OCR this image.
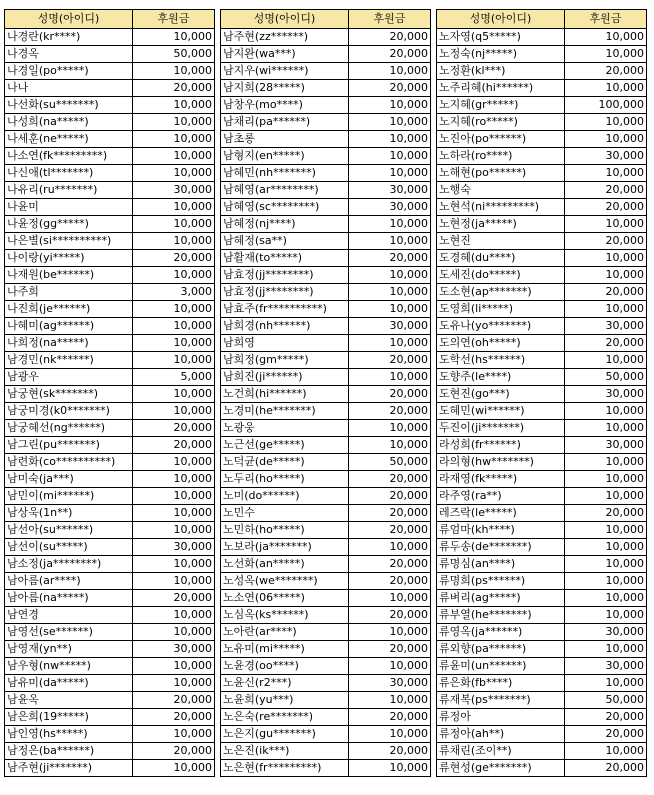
성명(아이디)	후원금
나경란(kr****)	10,000
나경옥	50,000
나경일(po*****)	10,000
나나	20,000
나선화(su*******)	10,000
나성희(na*****)	10,000
나세훈(ne*****)	10,000
나소연(fk*********)	10,000
나신애(tl*******)	10,000
나유리(ru*******)	30,000
나윤미	10,000
나윤정(gg*****)	10,000
나은별(si**********)	10,000
나이랑(yi*****)	20,000
나재원(be******)	10,000
나주희	3,000
나진희(je******)	10,000
나혜미(ag******)	10,000
나희정(na*****)	10,000
남경민(nk******)	10,000
남광우	5,000
남궁현(sk*******)	10,000
남궁미경(k0*******)	10,000
남궁혜선(ng******)	20,000
남그린(pu*******)	20,000
남련화(co**********)	10,000
남미숙(ja***)	10,000
남민이(mi******)	10,000
남상욱(1n**)	10,000
남선아(su******)	10,000
남선이(su*****)	30,000
남소정(ja********)	10,000
남아름(ar****)	10,000
남아름(na*****)	20,000
남연경	10,000
남영선(se******)	10,000
남영재(yn**)	30,000
남우형(nw*****)	10,000
남유미(da*****)	10,000
남윤옥	20,000
남은희(19*****)	20,000
남인영(hs*****)	10,000
남정은(ba******)	20,000
남주현(ji*******)	10,000
성명(아이디)	후원금
남주현(zz******)	20,000
남지완(wa***)	20,000
남지우(wi******)	10,000
남지희(28*****)	20,000
남창우(mo****)	10,000
남채리(pa******)	10,000
남초롱	10,000
남형지(en*****)	10,000
남혜민(nh*******)	10,000
남혜영(ar********)	30,000
남혜영(sc********)	30,000
남혜정(nj****)	10,000
남혜정(sa**)	10,000
남활재(to*****)	20,000
남효정(jj********)	10,000
남효정(jj********)	10,000
남효주(fr**********)	10,000
남희경(nh******)	30,000
남희영	10,000
남희정(gm*****)	20,000
남희진(ji******)	10,000
노건희(hi******)	20,000
노경미(he*******)	20,000
노광웅	10,000
노근선(ge*****)	10,000
노덕균(de*****)	50,000
노두리(ho*****)	20,000
노미(do******)	20,000
노민수	20,000
노민하(ho*****)	20,000
노보라(ja*******)	10,000
노선화(an*****)	20,000
노성옥(we*******)	20,000
노소연(06*****)	10,000
노심옥(ks******)	20,000
노아란(ar****)	10,000
노유미(mi*****)	20,000
노윤경(oo****)	10,000
노윤신(r2***)	30,000
노윤희(yu***)	10,000
노은숙(re*******)	20,000
노은지(gu*******)	10,000
노은진(ik***)	20,000
노은현(fr*********)	10,000
성명(아이디)	후원금
노자영(q5*****)	10,000
노정숙(nj*****)	10,000
노정환(kl***)	20,000
노주리혜(hi******)	10,000
노지혜(gr*****)	100,000
노지혜(ro*****)	10,000
노진아(po******)	10,000
노하라(ro****)	30,000
노해현(po******)	10,000
노행숙	20,000
노현석(ni*********)	20,000
노현정(ja*****)	10,000
노현진	20,000
도경혜(du****)	10,000
도세진(do*****)	10,000
도소현(ap*******)	20,000
도영희(li*****)	10,000
도유나(yo*******)	30,000
도의연(oh*****)	20,000
도학선(hs******)	10,000
도향주(le****)	50,000
도현진(go***)	30,000
도혜민(wi******)	10,000
두진이(ji*******)	10,000
라성희(fr******)	30,000
라의형(hw*******)	10,000
라재영(fk*****)	10,000
라주영(ra**)	10,000
레즈락(le*****)	20,000
류엄마(kh****)	10,000
류두송(de*******)	10,000
류명심(an****)	10,000
류명희(ps******)	10,000
류벼리(ag*****)	10,000
류부열(he*******)	10,000
류영옥(ja******)	30,000
류외향(pa******)	10,000
류윤미(un******)	30,000
류은화(fb****)	10,000
류재복(ps*******)	50,000
류정아	20,000
류정아(ah**)	20,000
류채린(조이**)	10,000
류현성(ge*******)	20,000
